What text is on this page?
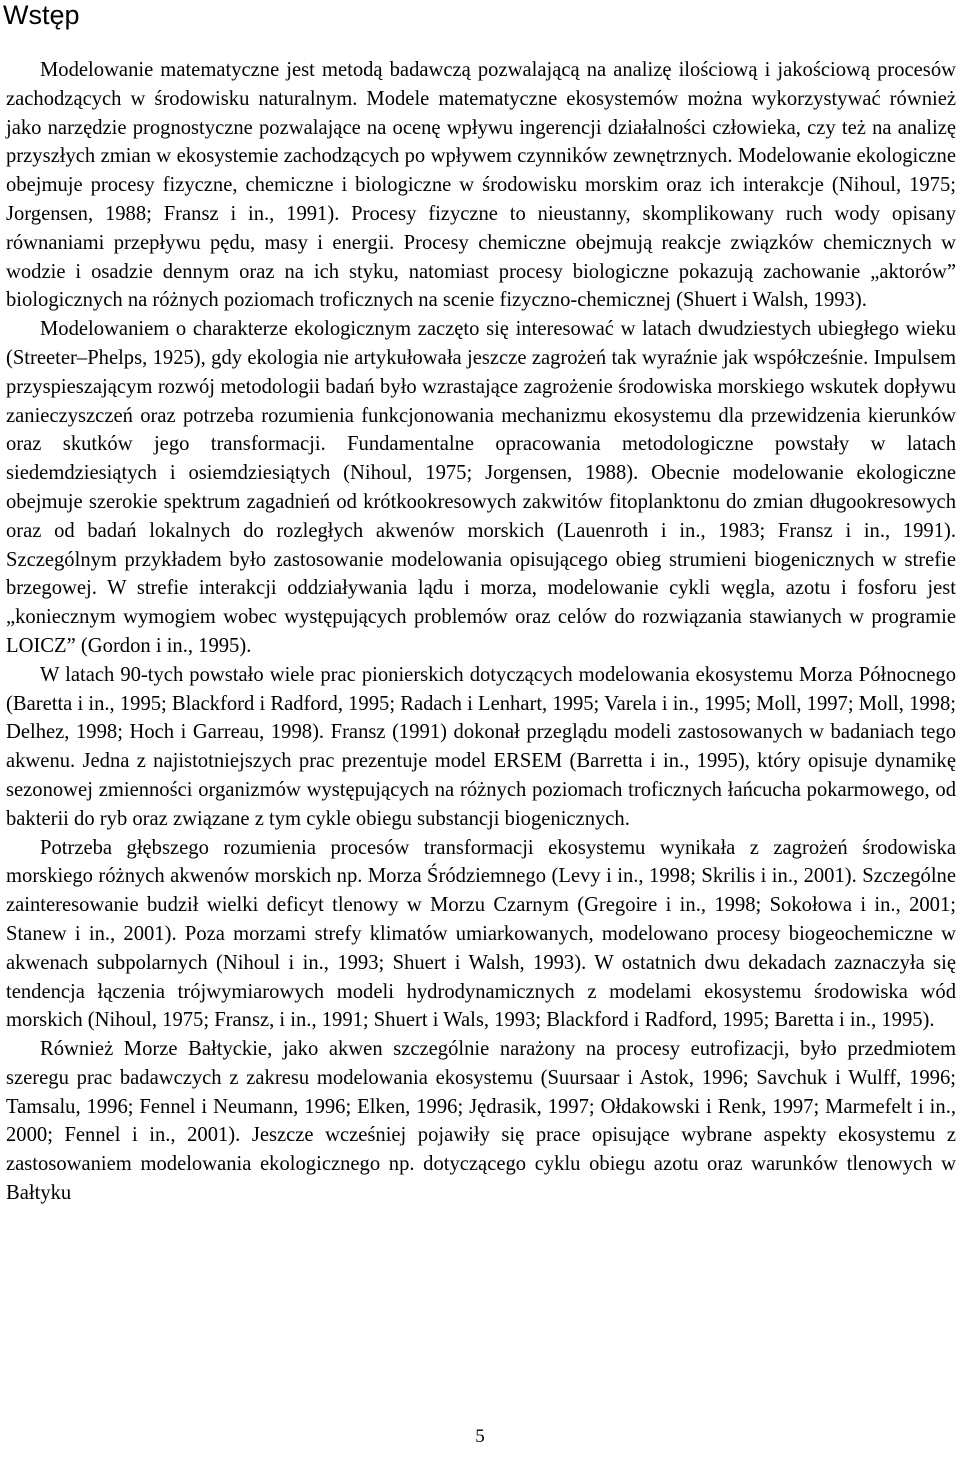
Wstęp

Modelowanie matematyczne jest metodą badawczą pozwalającą na analizę ilościową i jakościową procesów zachodzących w środowisku naturalnym. Modele matematyczne ekosystemów można wykorzystywać również jako narzędzie prognostyczne pozwalające na ocenę wpływu ingerencji działalności człowieka, czy też na analizę przyszłych zmian w ekosystemie zachodzących po wpływem czynników zewnętrznych. Modelowanie ekologiczne obejmuje procesy fizyczne, chemiczne i biologiczne w środowisku morskim oraz ich interakcje (Nihoul, 1975; Jorgensen, 1988; Fransz i in., 1991). Procesy fizyczne to nieustanny, skomplikowany ruch wody opisany równaniami przepływu pędu, masy i energii. Procesy chemiczne obejmują reakcje związków chemicznych w wodzie i osadzie dennym oraz na ich styku, natomiast procesy biologiczne pokazują zachowanie „aktorów” biologicznych na różnych poziomach troficznych na scenie fizyczno-chemicznej (Shuert i Walsh, 1993).

Modelowaniem o charakterze ekologicznym zaczęto się interesować w latach dwudziestych ubiegłego wieku (Streeter–Phelps, 1925), gdy ekologia nie artykułowała jeszcze zagrożeń tak wyraźnie jak współcześnie. Impulsem przyspieszającym rozwój metodologii badań było wzrastające zagrożenie środowiska morskiego wskutek dopływu zanieczyszczeń oraz potrzeba rozumienia funkcjonowania mechanizmu ekosystemu dla przewidzenia kierunków oraz skutków jego transformacji. Fundamentalne opracowania metodologiczne powstały w latach siedemdziesiątych i osiemdziesiątych (Nihoul, 1975; Jorgensen, 1988). Obecnie modelowanie ekologiczne obejmuje szerokie spektrum zagadnień od krótkookresowych zakwitów fitoplanktonu do zmian długookresowych oraz od badań lokalnych do rozległych akwenów morskich (Lauenroth i in., 1983; Fransz i in., 1991). Szczególnym przykładem było zastosowanie modelowania opisującego obieg strumieni biogenicznych w strefie brzegowej. W strefie interakcji oddziaływania lądu i morza, modelowanie cykli węgla, azotu i fosforu jest „koniecznym wymogiem wobec występujących problemów oraz celów do rozwiązania stawianych w programie LOICZ” (Gordon i in., 1995).

W latach 90-tych powstało wiele prac pionierskich dotyczących modelowania ekosystemu Morza Północnego (Baretta i in., 1995; Blackford i Radford, 1995; Radach i Lenhart, 1995; Varela i in., 1995; Moll, 1997; Moll, 1998; Delhez, 1998; Hoch i Garreau, 1998). Fransz (1991) dokonał przeglądu modeli zastosowanych w badaniach tego akwenu. Jedna z najistotniejszych prac prezentuje model ERSEM (Barretta i in., 1995), który opisuje dynamikę sezonowej zmienności organizmów występujących na różnych poziomach troficznych łańcucha pokarmowego, od bakterii do ryb oraz związane z tym cykle obiegu substancji biogenicznych.

Potrzeba głębszego rozumienia procesów transformacji ekosystemu wynikała z zagrożeń środowiska morskiego różnych akwenów morskich np. Morza Śródziemnego (Levy i in., 1998; Skrilis i in., 2001). Szczególne zainteresowanie budził wielki deficyt tlenowy w Morzu Czarnym (Gregoire i in., 1998; Sokołowa i in., 2001; Stanew i in., 2001). Poza morzami strefy klimatów umiarkowanych, modelowano procesy biogeochemiczne w akwenach subpolarnych (Nihoul i in., 1993; Shuert i Walsh, 1993). W ostatnich dwu dekadach zaznaczyła się tendencja łączenia trójwymiarowych modeli hydrodynamicznych z modelami ekosystemu środowiska wód morskich (Nihoul, 1975; Fransz, i in., 1991; Shuert i Wals, 1993; Blackford i Radford, 1995; Baretta i in., 1995).

Również Morze Bałtyckie, jako akwen szczególnie narażony na procesy eutrofizacji, było przedmiotem szeregu prac badawczych z zakresu modelowania ekosystemu (Suursaar i Astok, 1996; Savchuk i Wulff, 1996; Tamsalu, 1996; Fennel i Neumann, 1996; Elken, 1996; Jędrasik, 1997; Ołdakowski i Renk, 1997; Marmefelt i in., 2000; Fennel i in., 2001). Jeszcze wcześniej pojawiły się prace opisujące wybrane aspekty ekosystemu z zastosowaniem modelowania ekologicznego np. dotyczącego cyklu obiegu azotu oraz warunków tlenowych w Bałtyku

5
